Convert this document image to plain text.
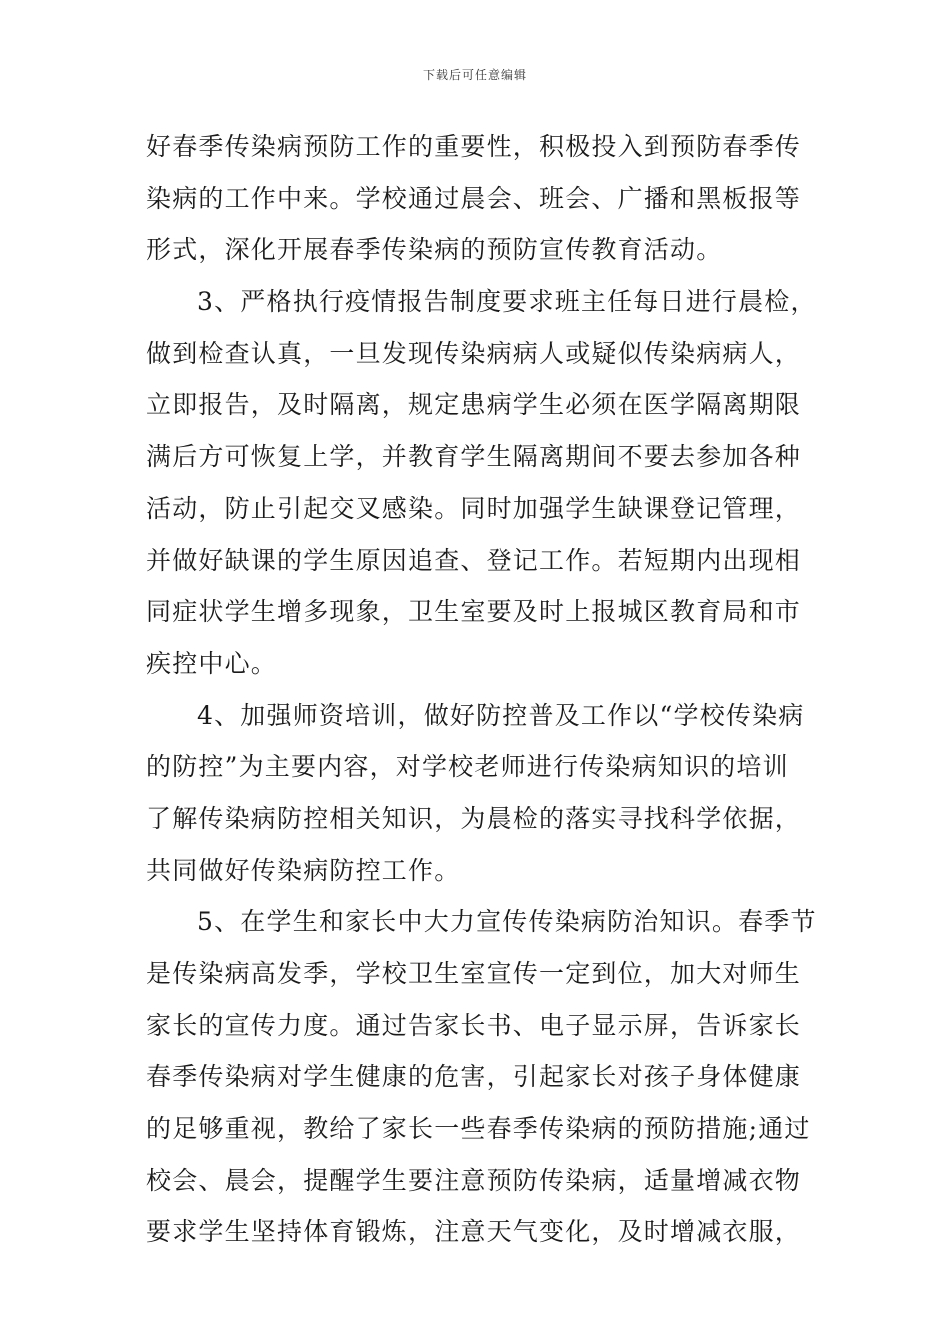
下载后可任意编辑
好春季传染病预防工作的重要性，积极投入到预防春季传
染病的工作中来。学校通过晨会、班会、广播和黑板报等
形式，深化开展春季传染病的预防宣传教育活动。
3、严格执行疫情报告制度要求班主任每日进行晨检，
做到检查认真，一旦发现传染病病人或疑似传染病病人，
立即报告，及时隔离，规定患病学生必须在医学隔离期限
满后方可恢复上学，并教育学生隔离期间不要去参加各种
活动，防止引起交叉感染。同时加强学生缺课登记管理，
并做好缺课的学生原因追查、登记工作。若短期内出现相
同症状学生增多现象，卫生室要及时上报城区教育局和市
疾控中心。
4、加强师资培训，做好防控普及工作以“学校传染病
的防控”为主要内容，对学校老师进行传染病知识的培训
了解传染病防控相关知识，为晨检的落实寻找科学依据，
共同做好传染病防控工作。
5、在学生和家长中大力宣传传染病防治知识。春季节
是传染病高发季，学校卫生室宣传一定到位，加大对师生
家长的宣传力度。通过告家长书、电子显示屏，告诉家长
春季传染病对学生健康的危害，引起家长对孩子身体健康
的足够重视，教给了家长一些春季传染病的预防措施;通过
校会、晨会，提醒学生要注意预防传染病，适量增减衣物
要求学生坚持体育锻炼，注意天气变化，及时增减衣服，
